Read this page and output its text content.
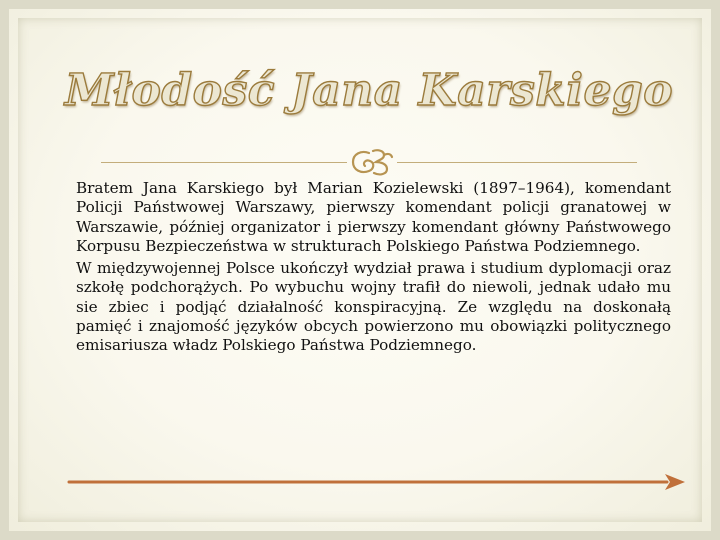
Młodość Jana Karskiego

Bratem Jana Karskiego był Marian Kozielewski (1897–1964), komendant Policji Państwowej Warszawy, pierwszy komendant policji granatowej w Warszawie, później organizator i pierwszy komendant główny Państwowego Korpusu Bezpieczeństwa w strukturach Polskiego Państwa Podziemnego.

W międzywojennej Polsce ukończył wydział prawa i studium dyplomacji oraz szkołę podchorążych. Po wybuchu wojny trafił do niewoli, jednak udało mu sie zbiec i podjąć działalność konspiracyjną. Ze względu na doskonałą pamięć i znajomość języków obcych powierzono mu obowiązki politycznego emisariusza władz Polskiego Państwa Podziemnego.
